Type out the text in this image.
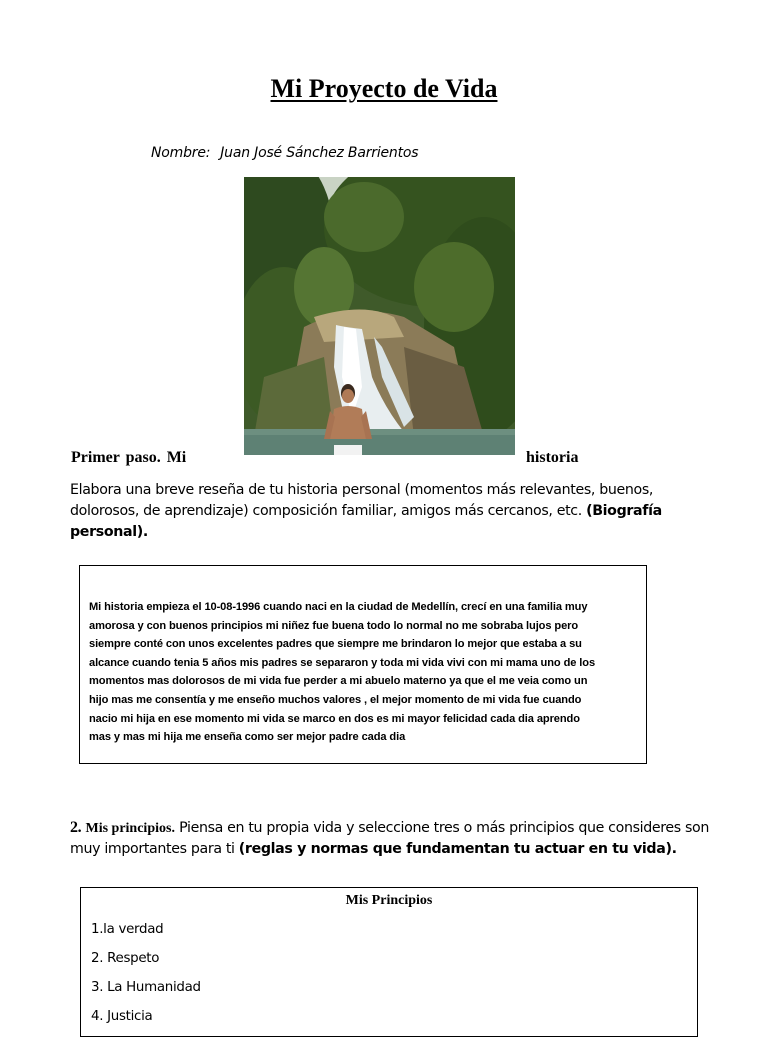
Mi Proyecto de Vida
Nombre: Juan José Sánchez Barrientos
Primer paso. Mi	historia
Elabora una breve reseña de tu historia personal (momentos más relevantes, buenos, dolorosos, de aprendizaje) composición familiar, amigos más cercanos, etc. (Biografía personal).
Mi historia empieza el 10-08-1996 cuando naci en la ciudad de Medellín, crecí en una familia muy
amorosa y con buenos principios mi niñez fue buena todo lo normal no me sobraba lujos pero
siempre conté con unos excelentes padres que siempre me brindaron lo mejor que estaba a su
alcance cuando tenia 5 años mis padres se separaron y toda mi vida vivi con mi mama uno de los
momentos mas dolorosos de mi vida fue perder a mi abuelo materno ya que el me veia como un
hijo mas me consentía y me enseño muchos valores , el mejor momento de mi vida fue cuando
nacio mi hija en ese momento mi vida se marco en dos es mi mayor felicidad cada dia aprendo
mas y mas mi hija me enseña como ser mejor padre cada dia
2. Mis principios. Piensa en tu propia vida y seleccione tres o más principios que consideres son muy importantes para ti (reglas y normas que fundamentan tu actuar en tu vida).
Mis Principios
1.la verdad
2. Respeto
3. La Humanidad
4. Justicia
